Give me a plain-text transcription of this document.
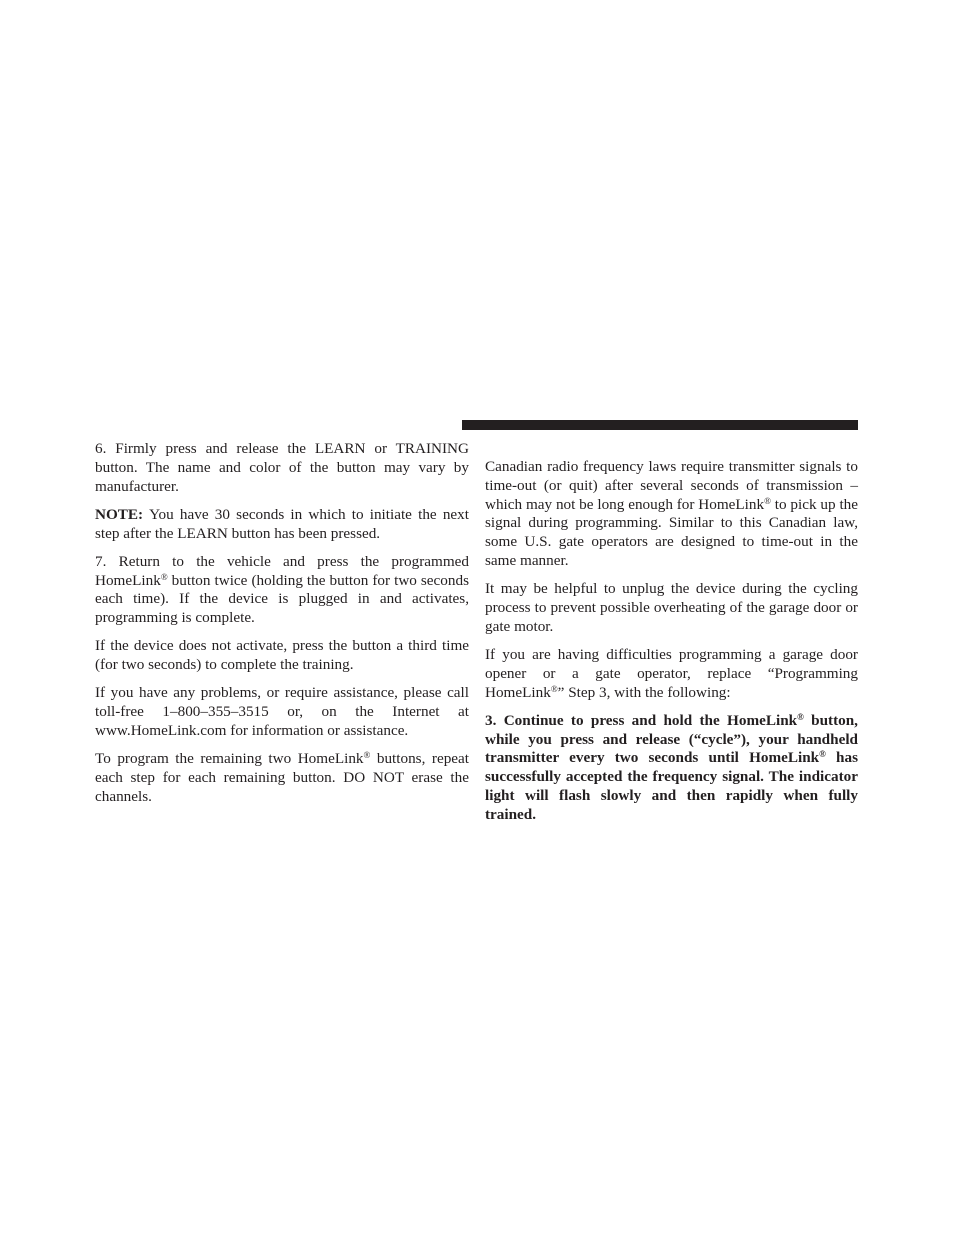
6. Firmly press and release the LEARN or TRAINING button. The name and color of the button may vary by manufacturer.

NOTE: You have 30 seconds in which to initiate the next step after the LEARN button has been pressed.

7. Return to the vehicle and press the programmed HomeLink® button twice (holding the button for two seconds each time). If the device is plugged in and activates, programming is complete.

If the device does not activate, press the button a third time (for two seconds) to complete the training.

If you have any problems, or require assistance, please call toll-free 1–800–355–3515 or, on the Internet at www.HomeLink.com for information or assistance.

To program the remaining two HomeLink® buttons, repeat each step for each remaining button. DO NOT erase the channels.

Canadian radio frequency laws require transmitter signals to time-out (or quit) after several seconds of transmission – which may not be long enough for HomeLink® to pick up the signal during programming. Similar to this Canadian law, some U.S. gate operators are designed to time-out in the same manner.

It may be helpful to unplug the device during the cycling process to prevent possible overheating of the garage door or gate motor.

If you are having difficulties programming a garage door opener or a gate operator, replace “Programming HomeLink®” Step 3, with the following:

3. Continue to press and hold the HomeLink® button, while you press and release (“cycle”), your handheld transmitter every two seconds until HomeLink® has successfully accepted the frequency signal. The indicator light will flash slowly and then rapidly when fully trained.
